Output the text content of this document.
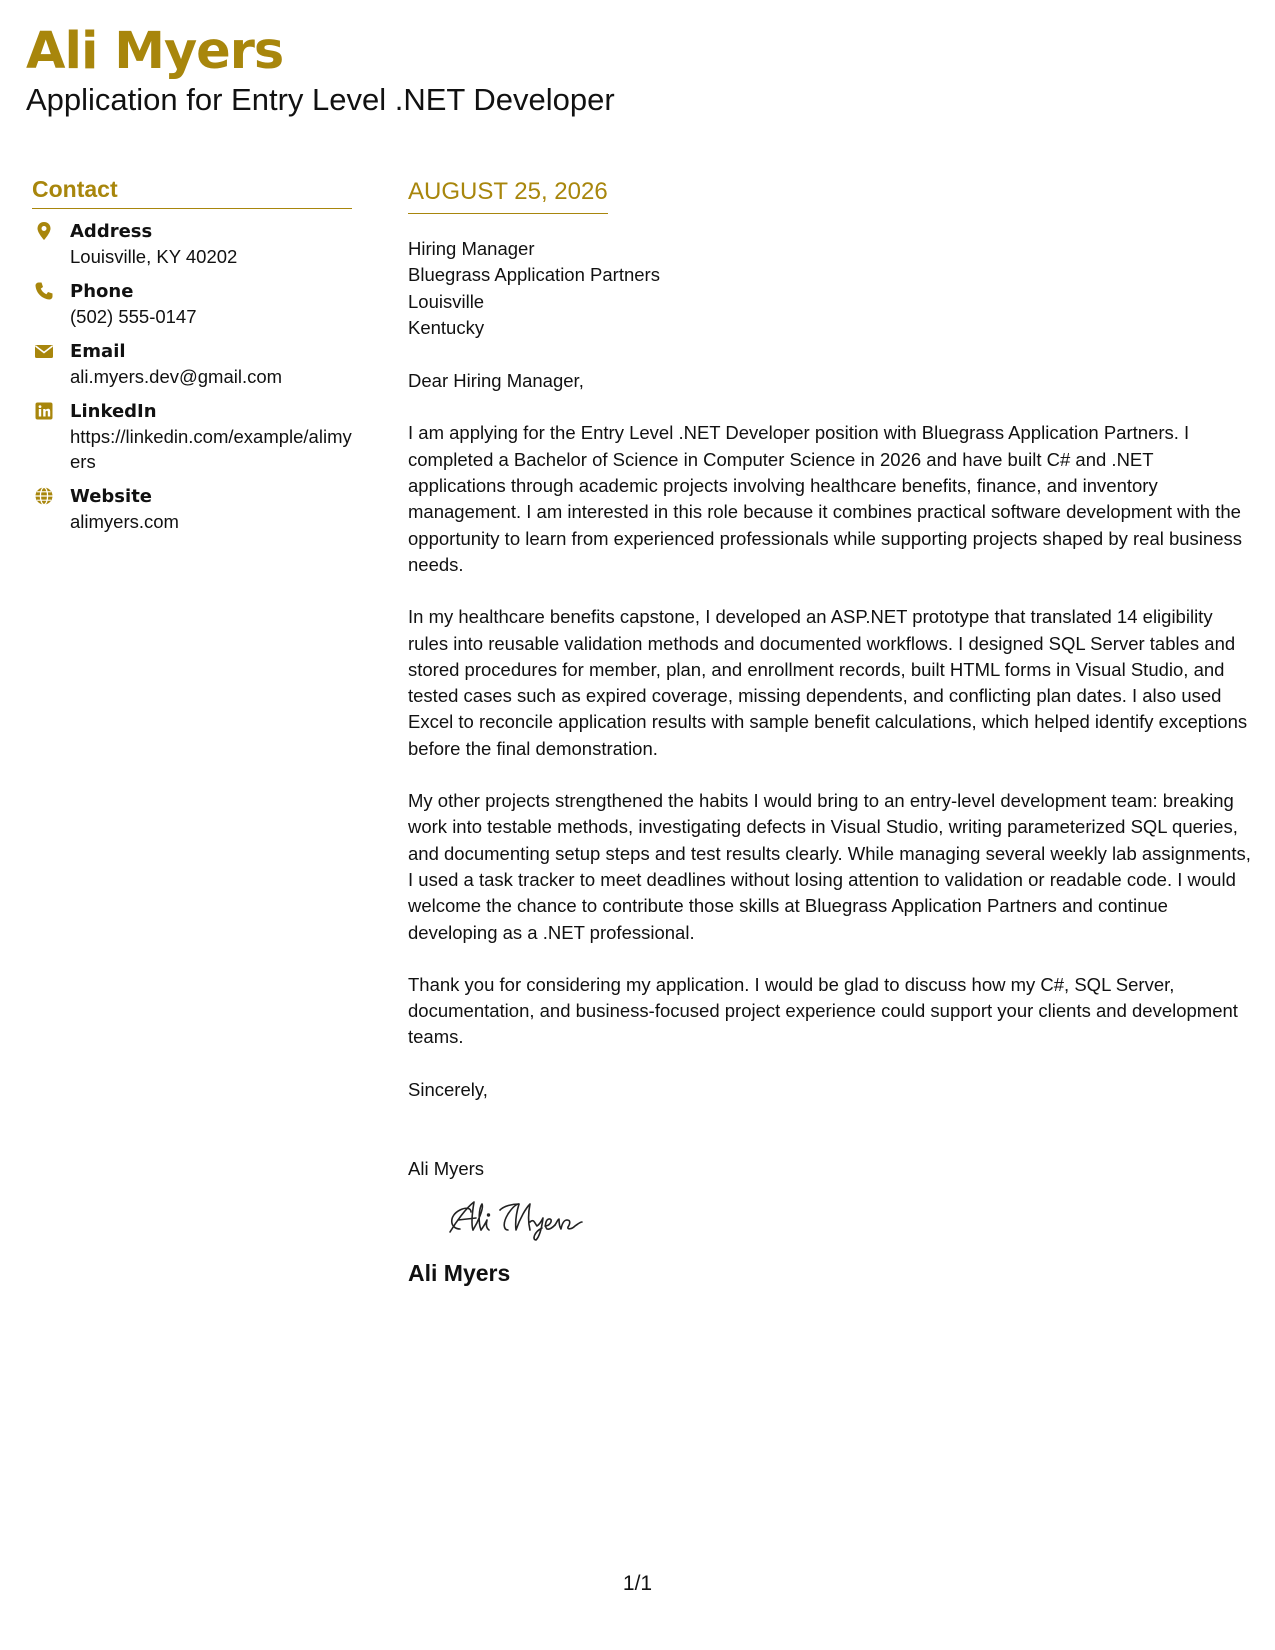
Ali Myers
Application for Entry Level .NET Developer
Contact
Address
Louisville, KY 40202
Phone
(502) 555-0147
Email
ali.myers.dev@gmail.com
LinkedIn
https://linkedin.com/example/alimyers
Website
alimyers.com
AUGUST 25, 2026

Hiring Manager

Bluegrass Application Partners

Louisville

Kentucky

Dear Hiring Manager,

I am applying for the Entry Level .NET Developer position with Bluegrass Application Partners. I completed a Bachelor of Science in Computer Science in 2026 and have built C# and .NET applications through academic projects involving healthcare benefits, finance, and inventory management. I am interested in this role because it combines practical software development with the opportunity to learn from experienced professionals while supporting projects shaped by real business needs.

In my healthcare benefits capstone, I developed an ASP.NET prototype that translated 14 eligibility rules into reusable validation methods and documented workflows. I designed SQL Server tables and stored procedures for member, plan, and enrollment records, built HTML forms in Visual Studio, and tested cases such as expired coverage, missing dependents, and conflicting plan dates. I also used Excel to reconcile application results with sample benefit calculations, which helped identify exceptions before the final demonstration.

My other projects strengthened the habits I would bring to an entry-level development team: breaking work into testable methods, investigating defects in Visual Studio, writing parameterized SQL queries, and documenting setup steps and test results clearly. While managing several weekly lab assignments, I used a task tracker to meet deadlines without losing attention to validation or readable code. I would welcome the chance to contribute those skills at Bluegrass Application Partners and continue developing as a .NET professional.

Thank you for considering my application. I would be glad to discuss how my C#, SQL Server, documentation, and business-focused project experience could support your clients and development teams.

Sincerely,

Ali Myers

Ali Myers

1/1
